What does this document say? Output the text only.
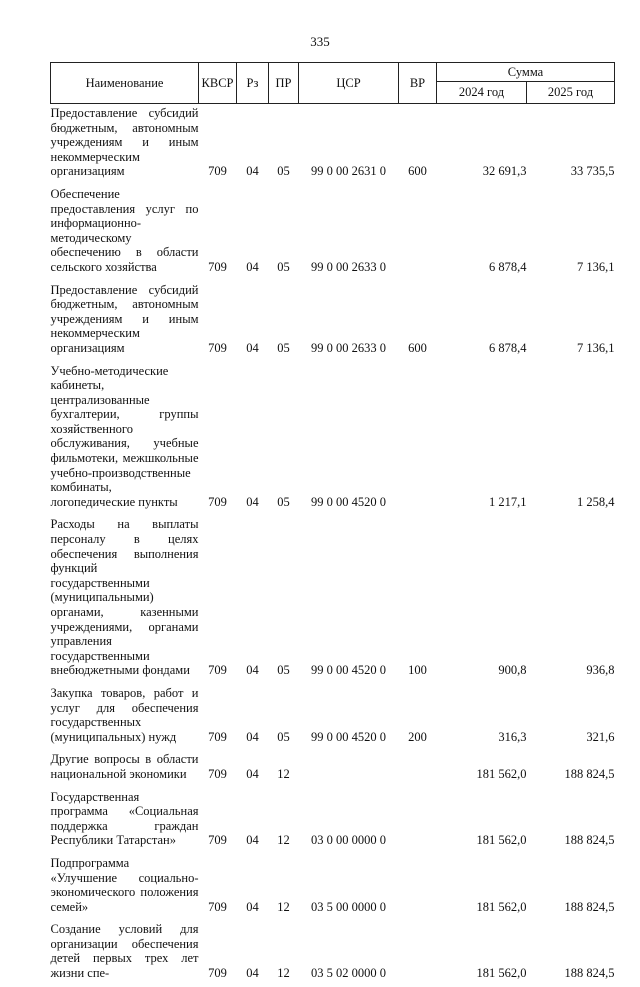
335
Наименование	КВСР	Рз	ПР	ЦСР	ВР	Сумма	
						2024 год	2025 год

Предоставление субсидий бюджетным, автономным учреждениям и иным некоммерческим организациям	709	04	05	99 0 00 2631 0	600	32 691,3	33 735,5

Обеспечение предоставления услуг по информационно-методическому обеспечению в области сельского хозяйства	709	04	05	99 0 00 2633 0		6 878,4	7 136,1

Предоставление субсидий бюджетным, автономным учреждениям и иным некоммерческим организациям	709	04	05	99 0 00 2633 0	600	6 878,4	7 136,1

Учебно-методические кабинеты, централизованные бухгалтерии, группы хозяйственного обслуживания, учебные фильмотеки, межшкольные учебно-производственные комбинаты, логопедические пункты	709	04	05	99 0 00 4520 0		1 217,1	1 258,4

Расходы на выплаты персоналу в целях обеспечения выполнения функций государственными (муниципальными) органами, казенными учреждениями, органами управления государственными внебюджетными фондами	709	04	05	99 0 00 4520 0	100	900,8	936,8

Закупка товаров, работ и услуг для обеспечения государственных (муниципальных) нужд	709	04	05	99 0 00 4520 0	200	316,3	321,6

Другие вопросы в области национальной экономики	709	04	12			181 562,0	188 824,5

Государственная программа «Социальная поддержка граждан Республики Татарстан»	709	04	12	03 0 00 0000 0		181 562,0	188 824,5

Подпрограмма «Улучшение социально-экономического положения семей»	709	04	12	03 5 00 0000 0		181 562,0	188 824,5

Создание условий для организации обеспечения детей первых трех лет жизни спе-	709	04	12	03 5 02 0000 0		181 562,0	188 824,5
